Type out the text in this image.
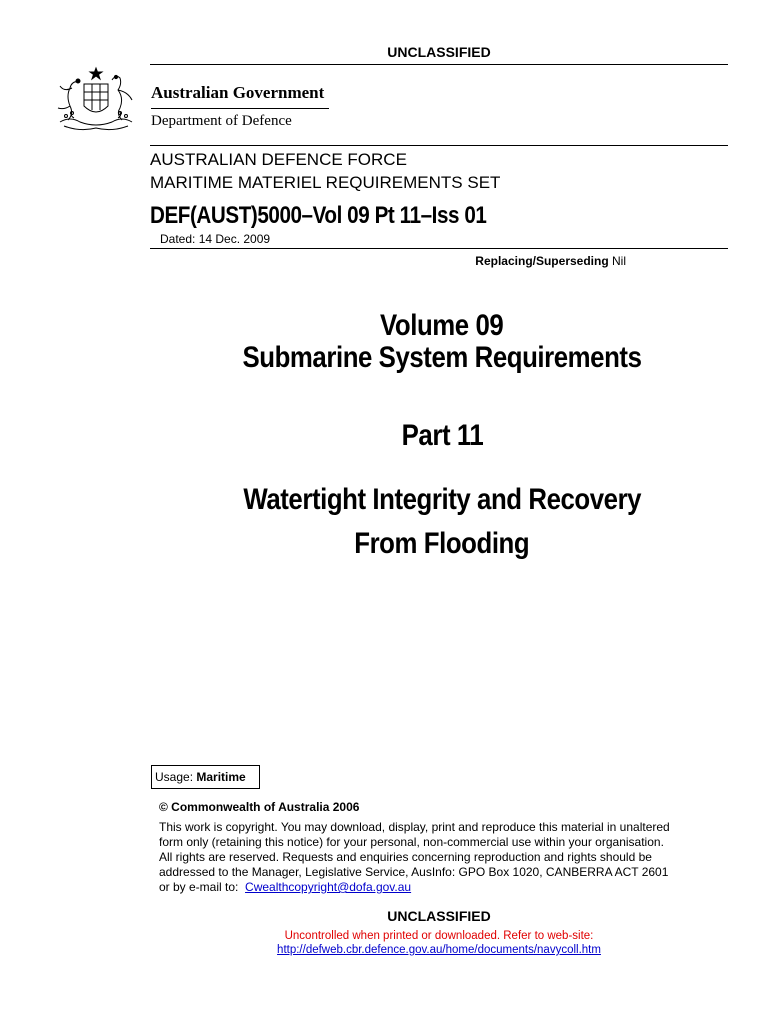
UNCLASSIFIED
Australian Government
Department of Defence
AUSTRALIAN DEFENCE FORCE
MARITIME MATERIEL REQUIREMENTS SET
DEF(AUST)5000–Vol 09 Pt 11–Iss 01
Dated: 14 Dec. 2009
Replacing/Superseding Nil
Volume 09
Submarine System Requirements
Part 11
Watertight Integrity and Recovery
From Flooding
Usage: Maritime
© Commonwealth of Australia 2006
This work is copyright. You may download, display, print and reproduce this material in unaltered
form only (retaining this notice) for your personal, non-commercial use within your organisation.
All rights are reserved. Requests and enquiries concerning reproduction and rights should be
addressed to the Manager, Legislative Service, AusInfo: GPO Box 1020, CANBERRA ACT 2601
or by e-mail to: Cwealthcopyright@dofa.gov.au
UNCLASSIFIED
Uncontrolled when printed or downloaded. Refer to web-site:
http://defweb.cbr.defence.gov.au/home/documents/navycoll.htm
